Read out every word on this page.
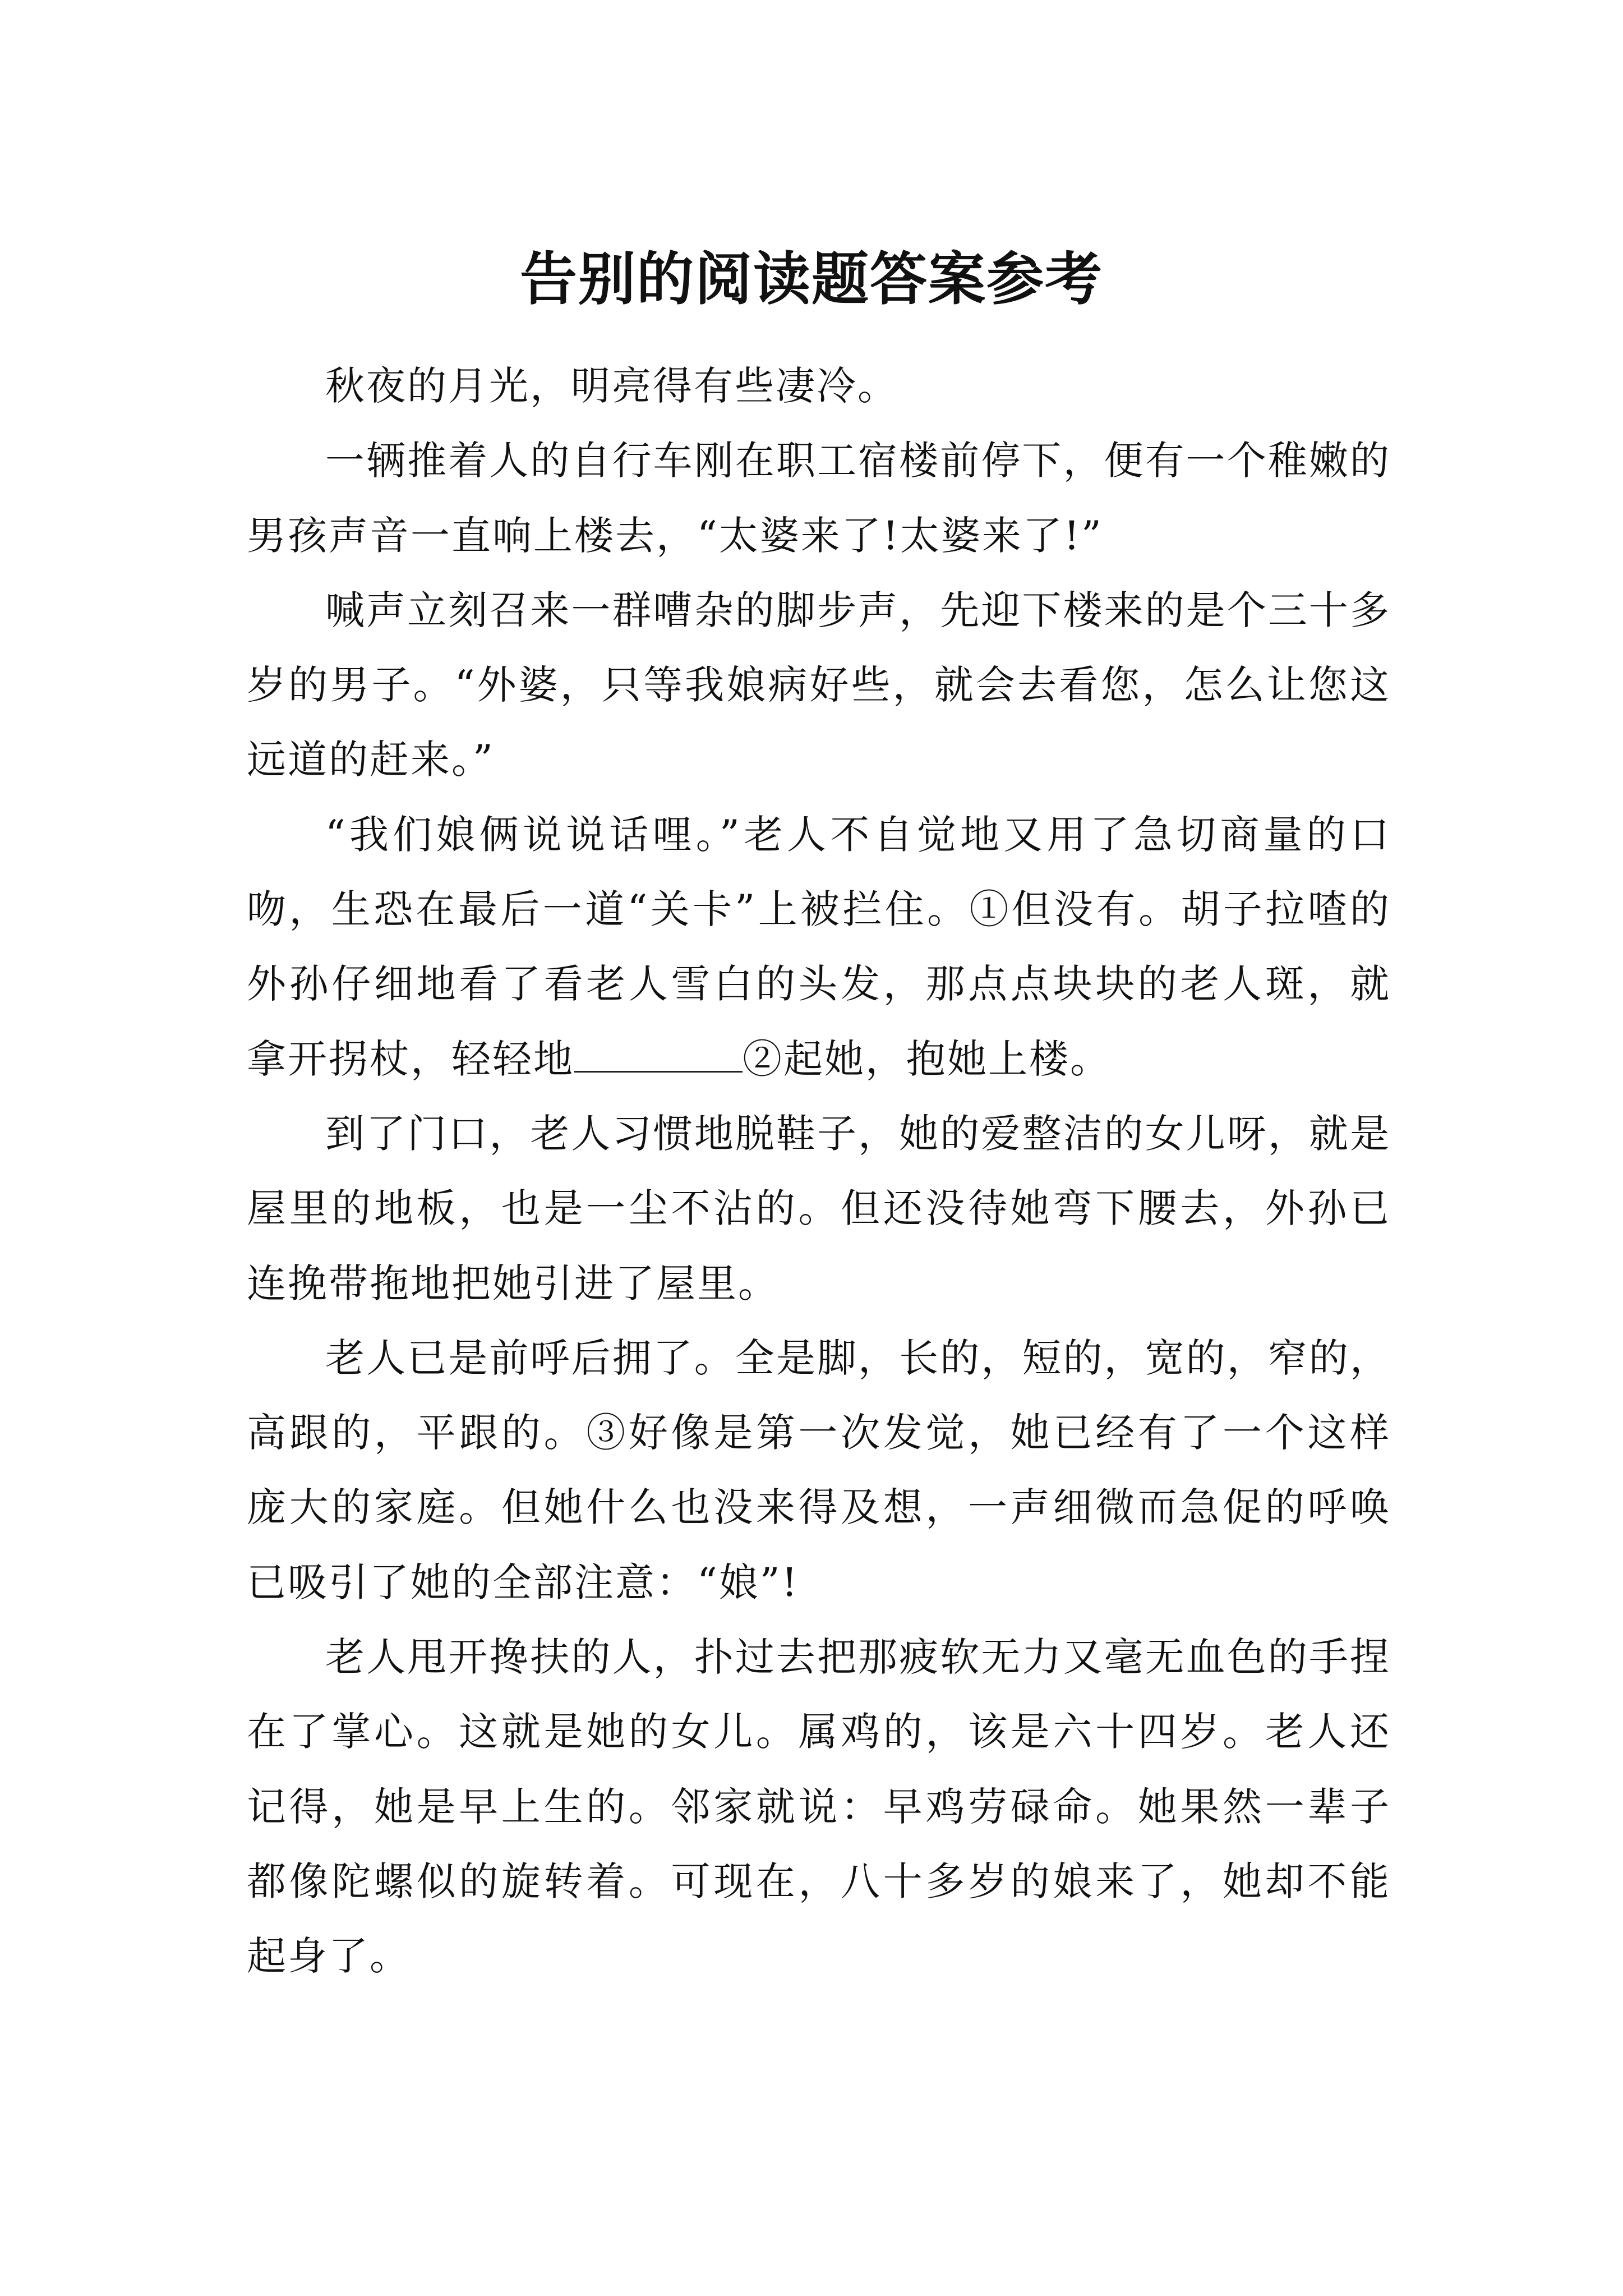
告别的阅读题答案参考

秋夜的月光，明亮得有些凄冷。

一辆推着人的自行车刚在职工宿楼前停下，便有一个稚嫩的男孩声音一直响上楼去，“太婆来了!太婆来了!”

喊声立刻召来一群嘈杂的脚步声，先迎下楼来的是个三十多岁的男子。“外婆，只等我娘病好些，就会去看您，怎么让您这远道的赶来。”

“我们娘俩说说话哩。”老人不自觉地又用了急切商量的口吻，生恐在最后一道“关卡”上被拦住。①但没有。胡子拉喳的外孙仔细地看了看老人雪白的头发，那点点块块的老人斑，就拿开拐杖，轻轻地	②起她，抱她上楼。

到了门口，老人习惯地脱鞋子，她的爱整洁的女儿呀，就是屋里的地板，也是一尘不沾的。但还没待她弯下腰去，外孙已连挽带拖地把她引进了屋里。

老人已是前呼后拥了。全是脚，长的，短的，宽的，窄的，高跟的，平跟的。③好像是第一次发觉，她已经有了一个这样庞大的家庭。但她什么也没来得及想，一声细微而急促的呼唤已吸引了她的全部注意：“娘”!

老人甩开搀扶的人，扑过去把那疲软无力又毫无血色的手捏在了掌心。这就是她的女儿。属鸡的，该是六十四岁。老人还记得，她是早上生的。邻家就说：早鸡劳碌命。她果然一辈子都像陀螺似的旋转着。可现在，八十多岁的娘来了，她却不能起身了。
